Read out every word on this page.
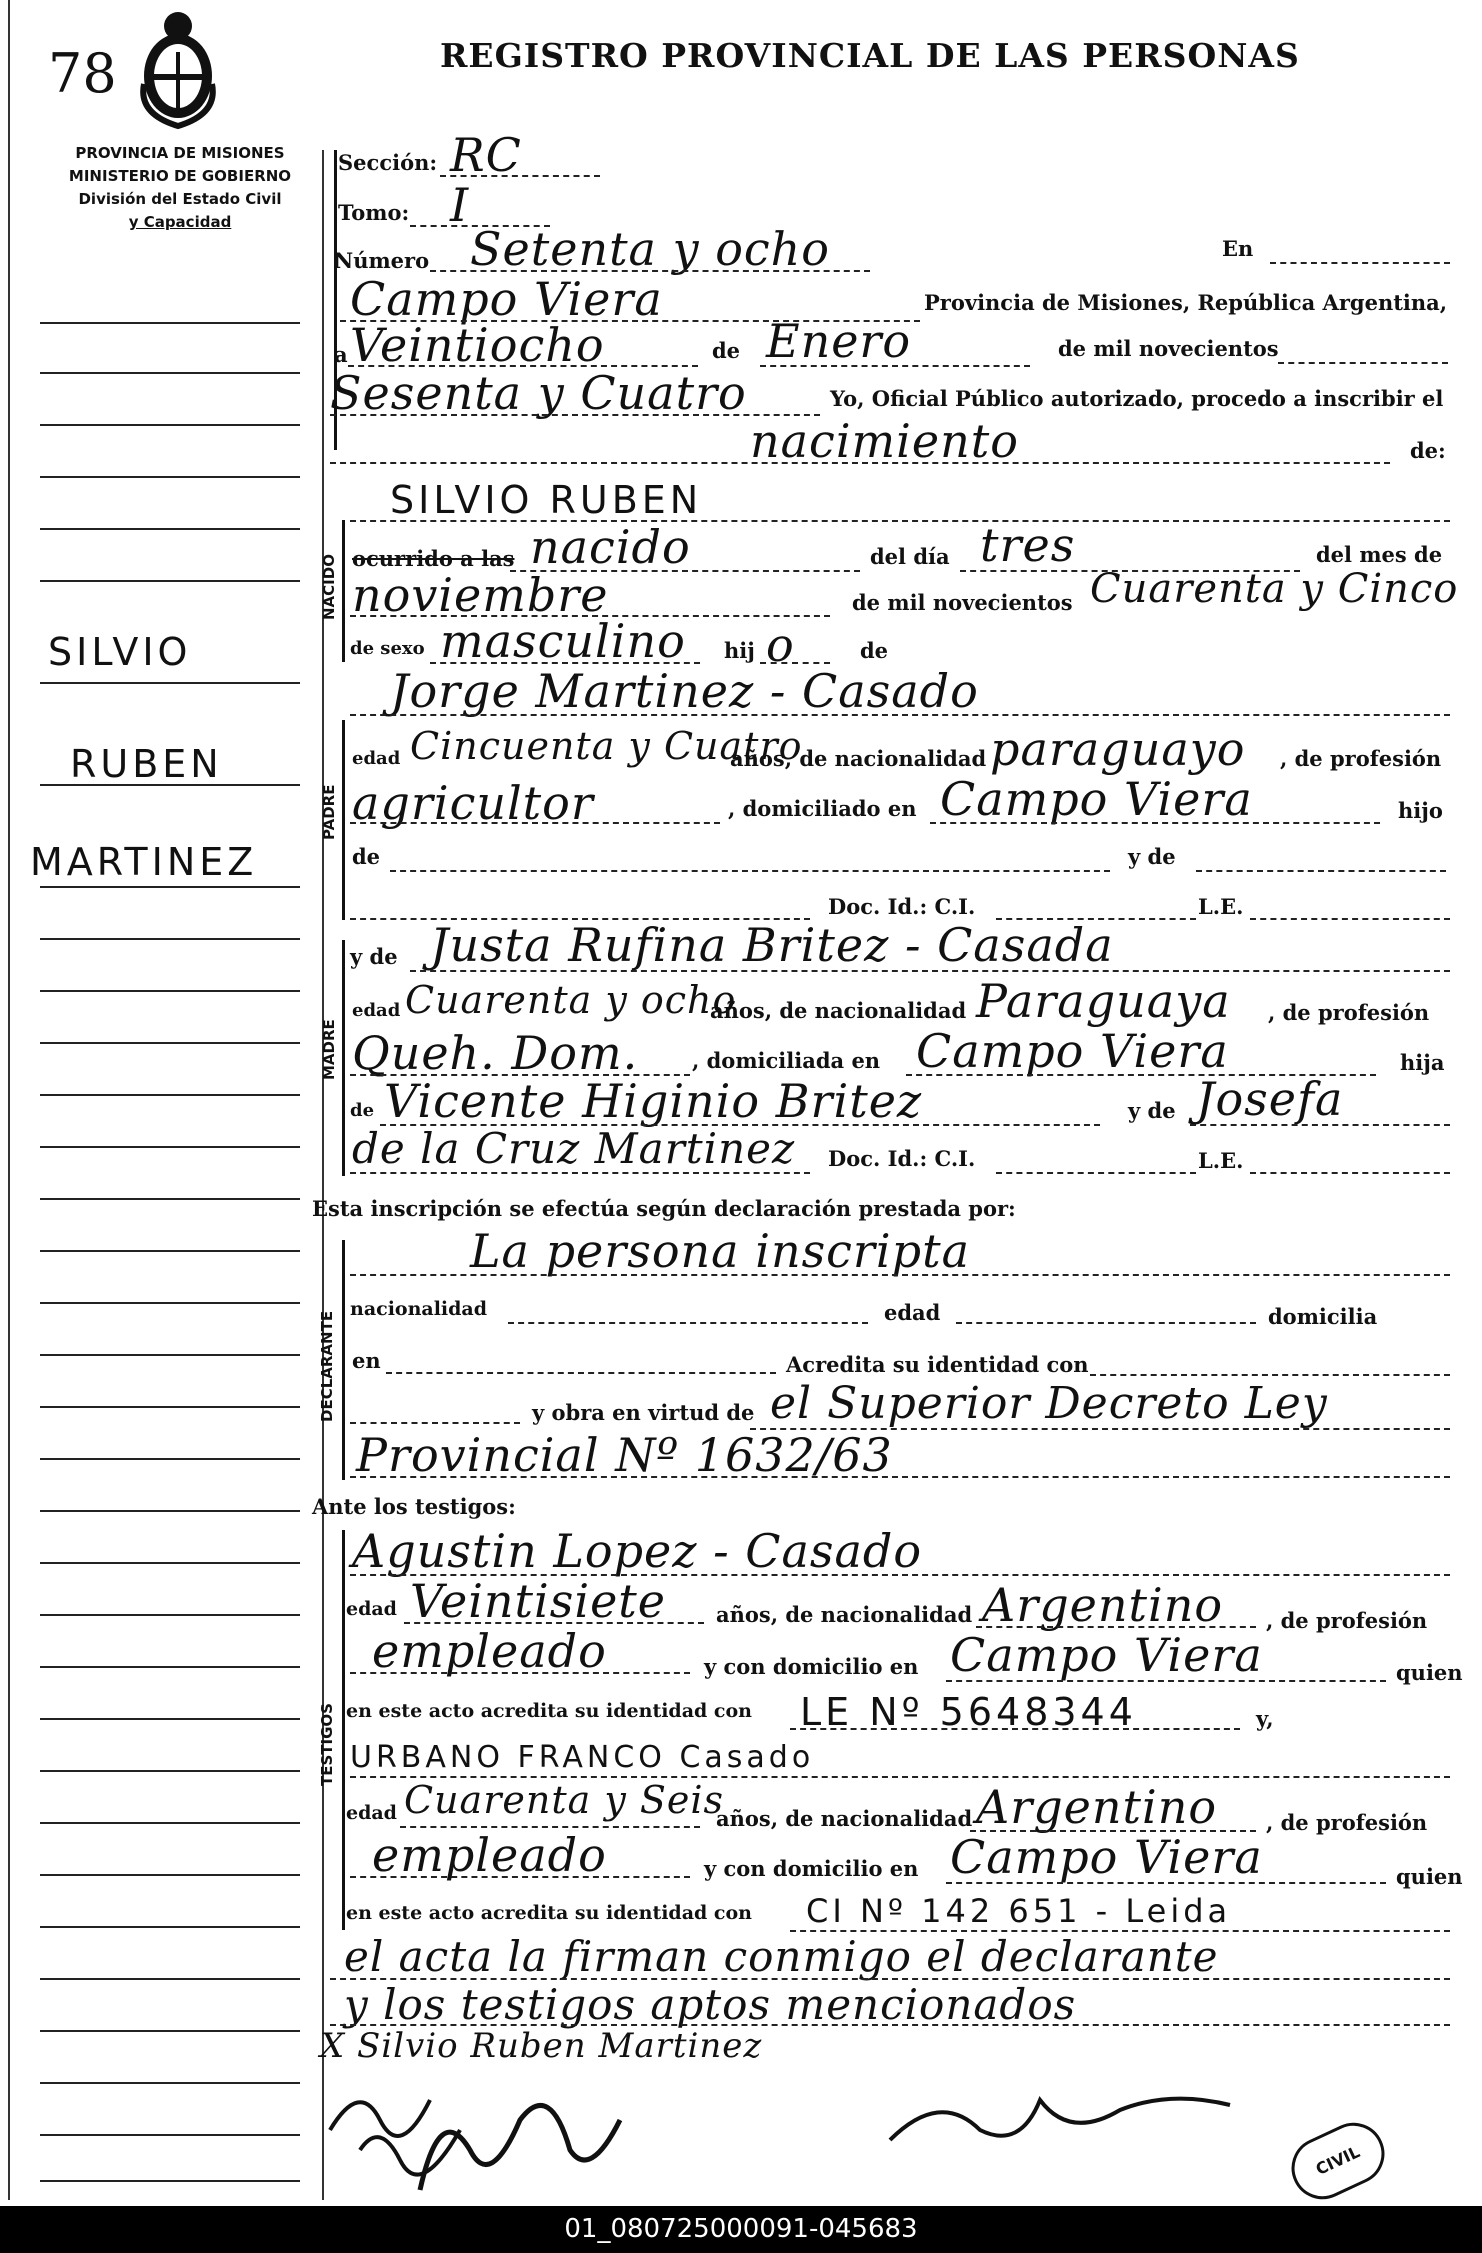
78	REGISTRO PROVINCIAL DE LAS PERSONAS
PROVINCIA DE MISIONES
MINISTERIO DE GOBIERNO
División del Estado Civil
y Capacidad
SILVIO
RUBEN
MARTINEZ
Sección: RC
Tomo: I
Número Setenta y ocho	En
Campo Viera	Provincia de Misiones, República Argentina,
a Veintiocho	de Enero	de mil novecientos
Sesenta y Cuatro	Yo, Oficial Público autorizado, procedo a inscribir el
nacimiento	de:
NACIDO
SILVIO RUBEN
ocurrido a las nacido	del día tres	del mes de
noviembre	de mil novecientos Cuarenta y Cinco
de sexo masculino hij o	de
PADRE
Jorge Martinez - Casado
edad Cincuenta y Cuatro
años, de nacionalidad paraguayo , de profesión
agricultor	, domiciliado en Campo Viera	hijo
de	y de
Doc. Id.: C.I.	L.E.
MADRE
y de Justa Rufina Britez - Casada
edad Cuarenta y ocho
años, de nacionalidad Paraguaya , de profesión
Queh. Dom.	, domiciliada en Campo Viera	hija
de Vicente Higinio Britez	y de Josefa
de la Cruz Martinez Doc. Id.: C.I.	L.E.
Esta inscripción se efectúa según declaración prestada por:
DECLARANTE
La persona inscripta
nacionalidad	edad	domicilia
en	Acredita su identidad con
y obra en virtud de el Superior Decreto Ley
Provincial Nº 1632/63
Ante los testigos:
TESTIGOS
Agustin Lopez - Casado
edad Veintisiete años, de nacionalidad Argentino , de profesión
empleado	y con domicilio en Campo Viera	quien
en este acto acredita su identidad con LE Nº 5648344	y,
URBANO FRANCO Casado
edad Cuarenta y Seis
años, de nacionalidad Argentino , de profesión
empleado	y con domicilio en Campo Viera	quien
en este acto acredita su identidad con CI Nº 142 651 - Leida
el acta la firman conmigo el declarante
y los testigos aptos mencionados
X Silvio Ruben Martinez
CIVIL
01_080725000091-045683
